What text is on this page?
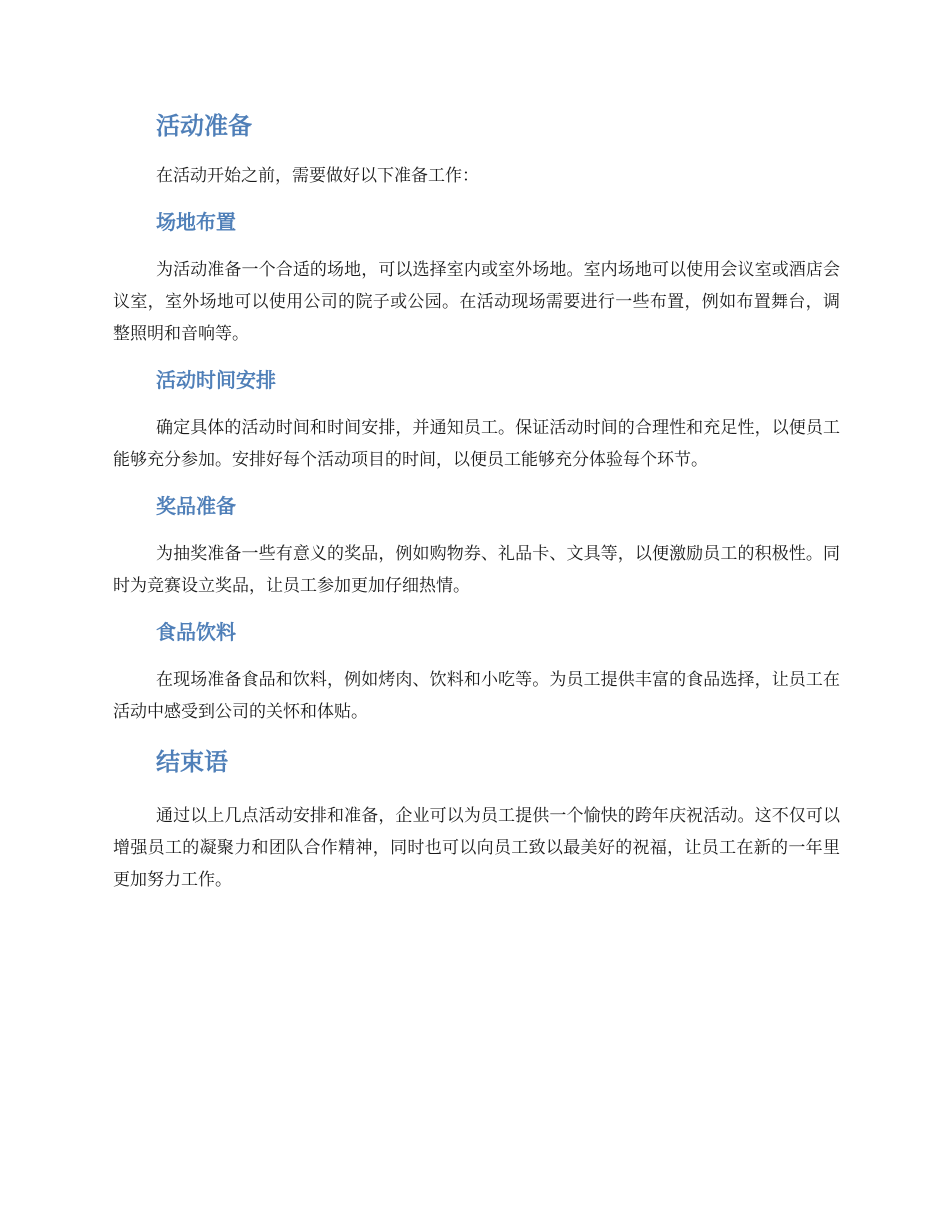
活动准备

在活动开始之前，需要做好以下准备工作：

场地布置

为活动准备一个合适的场地，可以选择室内或室外场地。室内场地可以使用会议室或酒店会议室，室外场地可以使用公司的院子或公园。在活动现场需要进行一些布置，例如布置舞台，调整照明和音响等。

活动时间安排

确定具体的活动时间和时间安排，并通知员工。保证活动时间的合理性和充足性，以便员工能够充分参加。安排好每个活动项目的时间，以便员工能够充分体验每个环节。

奖品准备

为抽奖准备一些有意义的奖品，例如购物券、礼品卡、文具等，以便激励员工的积极性。同时为竞赛设立奖品，让员工参加更加仔细热情。

食品饮料

在现场准备食品和饮料，例如烤肉、饮料和小吃等。为员工提供丰富的食品选择，让员工在活动中感受到公司的关怀和体贴。

结束语

通过以上几点活动安排和准备，企业可以为员工提供一个愉快的跨年庆祝活动。这不仅可以增强员工的凝聚力和团队合作精神，同时也可以向员工致以最美好的祝福，让员工在新的一年里更加努力工作。
